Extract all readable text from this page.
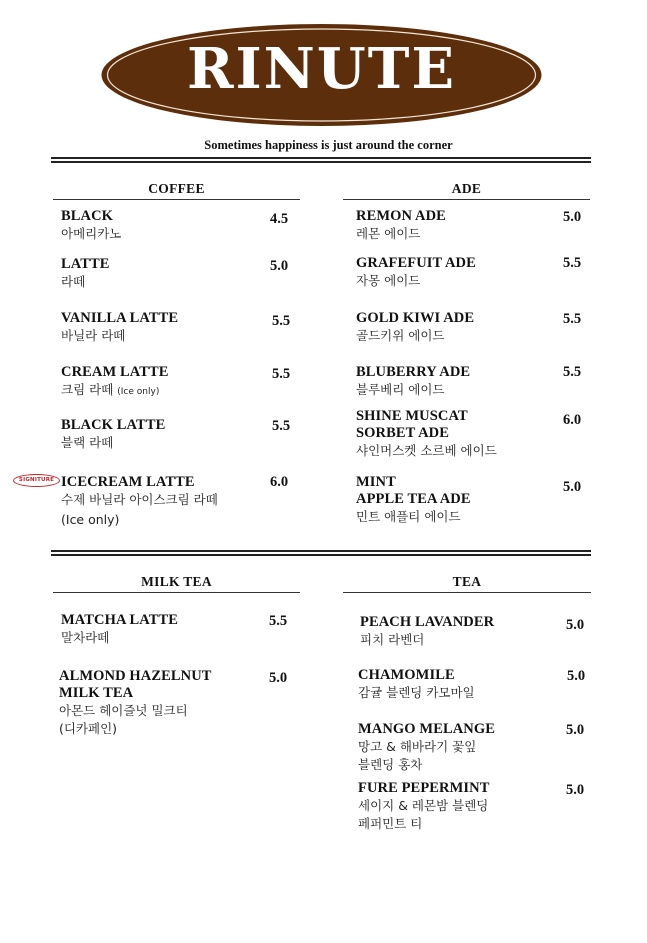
RINUTE
Sometimes happiness is just around the corner
COFFEE
BLACK
아메리카노
4.5
LATTE
라떼
5.0
VANILLA LATTE
바닐라 라떼
5.5
CREAM LATTE
크림 라떼 (Ice only)
5.5
BLACK LATTE
블랙 라떼
5.5
SIGNITURE ICECREAM LATTE
수제 바닐라 아이스크림 라떼
(Ice only)
6.0
ADE
REMON ADE
레몬 에이드
5.0
GRAFEFUIT ADE
자몽 에이드
5.5
GOLD KIWI ADE
골드키위 에이드
5.5
BLUBERRY ADE
블루베리 에이드
5.5
SHINE MUSCAT
SORBET ADE
샤인머스켓 소르베 에이드
6.0
MINT
APPLE TEA ADE
민트 애플티 에이드
5.0
MILK TEA
MATCHA LATTE
말차라떼
5.5
ALMOND HAZELNUT
MILK TEA
아몬드 헤이즐넛 밀크티
(디카페인)
5.0
TEA
PEACH LAVANDER
피치 라벤더
5.0
CHAMOMILE
감귤 블렌딩 카모마일
5.0
MANGO MELANGE
망고 & 해바라기 꽃잎
블렌딩 홍차
5.0
FURE PEPERMINT
세이지 & 레몬밤 블렌딩
페퍼민트 티
5.0
